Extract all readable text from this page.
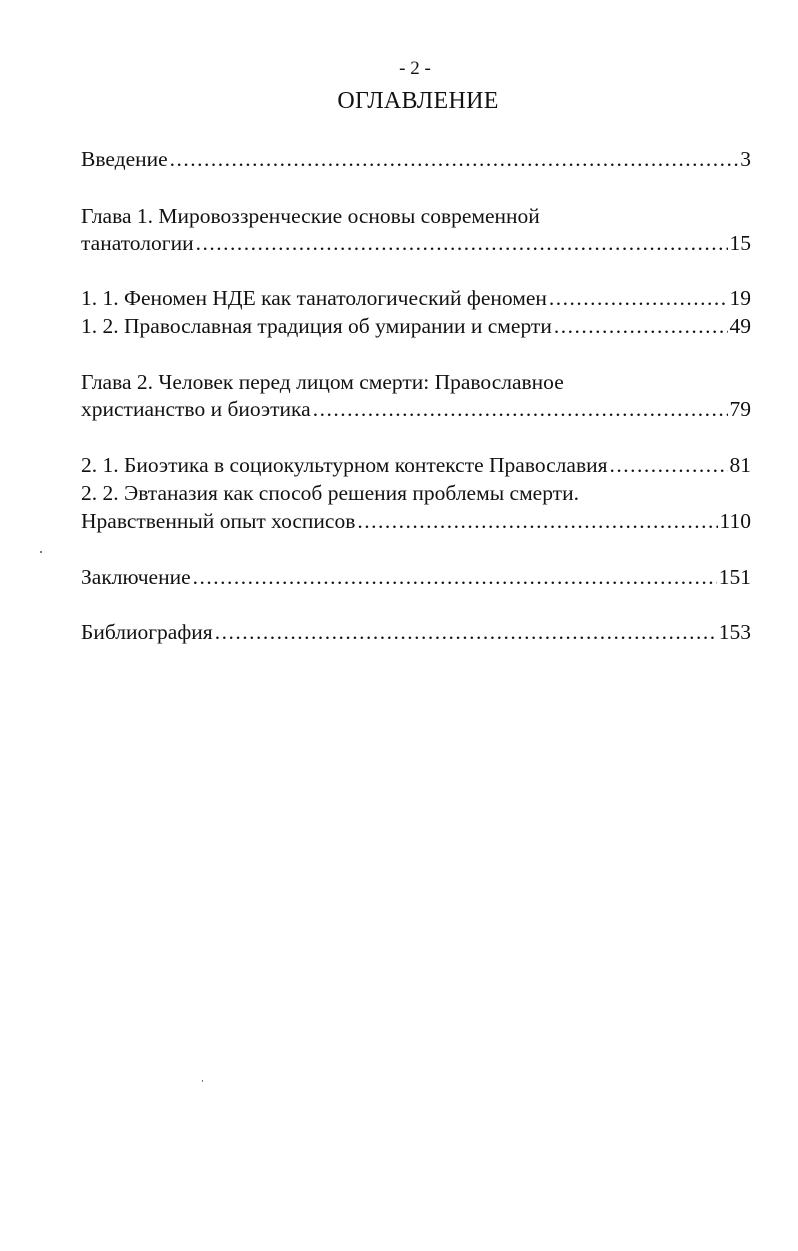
- 2 -
ОГЛАВЛЕНИЕ
Введение .....	3
Глава 1. Мировоззренческие основы современной
танатологии .....	15
1. 1. Феномен НДЕ как танатологический феномен .....	19
1. 2. Православная традиция об умирании и смерти .....	49
Глава 2. Человек перед лицом смерти: Православное
христианство и биоэтика .....	79
2. 1. Биоэтика в социокультурном контексте Православия .....	81
2. 2. Эвтаназия как способ решения проблемы смерти.
Нравственный опыт хосписов .....	110
Заключение .....	151
Библиография .....	153
